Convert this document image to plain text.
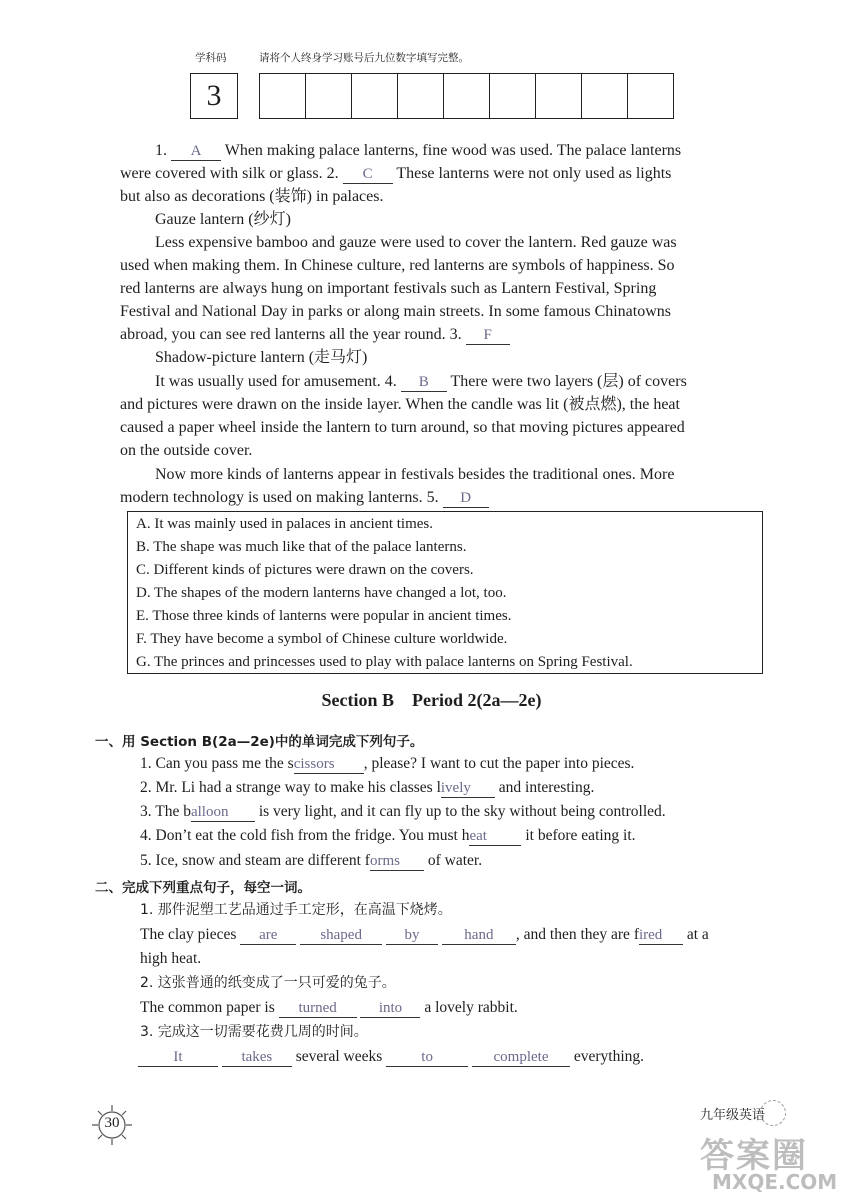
学科码	请将个人终身学习账号后九位数字填写完整。
3
1. A When making palace lanterns, fine wood was used. The palace lanterns
were covered with silk or glass. 2. C These lanterns were not only used as lights
but also as decorations (装饰) in palaces.
Gauze lantern (纱灯)
Less expensive bamboo and gauze were used to cover the lantern. Red gauze was
used when making them. In Chinese culture, red lanterns are symbols of happiness. So
red lanterns are always hung on important festivals such as Lantern Festival, Spring
Festival and National Day in parks or along main streets. In some famous Chinatowns
abroad, you can see red lanterns all the year round. 3. F
Shadow-picture lantern (走马灯)
It was usually used for amusement. 4. B There were two layers (层) of covers
and pictures were drawn on the inside layer. When the candle was lit (被点燃), the heat
caused a paper wheel inside the lantern to turn around, so that moving pictures appeared
on the outside cover.
Now more kinds of lanterns appear in festivals besides the traditional ones. More
modern technology is used on making lanterns. 5. D
A. It was mainly used in palaces in ancient times.
B. The shape was much like that of the palace lanterns.
C. Different kinds of pictures were drawn on the covers.
D. The shapes of the modern lanterns have changed a lot, too.
E. Those three kinds of lanterns were popular in ancient times.
F. They have become a symbol of Chinese culture worldwide.
G. The princes and princesses used to play with palace lanterns on Spring Festival.
Section B    Period 2(2a—2e)
一、用 Section B(2a—2e)中的单词完成下列句子。
1. Can you pass me the scissors , please? I want to cut the paper into pieces.
2. Mr. Li had a strange way to make his classes lively and interesting.
3. The balloon is very light, and it can fly up to the sky without being controlled.
4. Don’t eat the cold fish from the fridge. You must heat it before eating it.
5. Ice, snow and steam are different forms of water.
二、完成下列重点句子，每空一词。
1. 那件泥塑工艺品通过手工定形，在高温下烧烤。
The clay pieces are	shaped	by	hand , and then they are fired at a
high heat.
2. 这张普通的纸变成了一只可爱的兔子。
The common paper is turned	into a lovely rabbit.
3. 完成这一切需要花费几周的时间。
It	takes several weeks	to	complete everything.
30	九年级英语
答案圈
MXQE.COM
